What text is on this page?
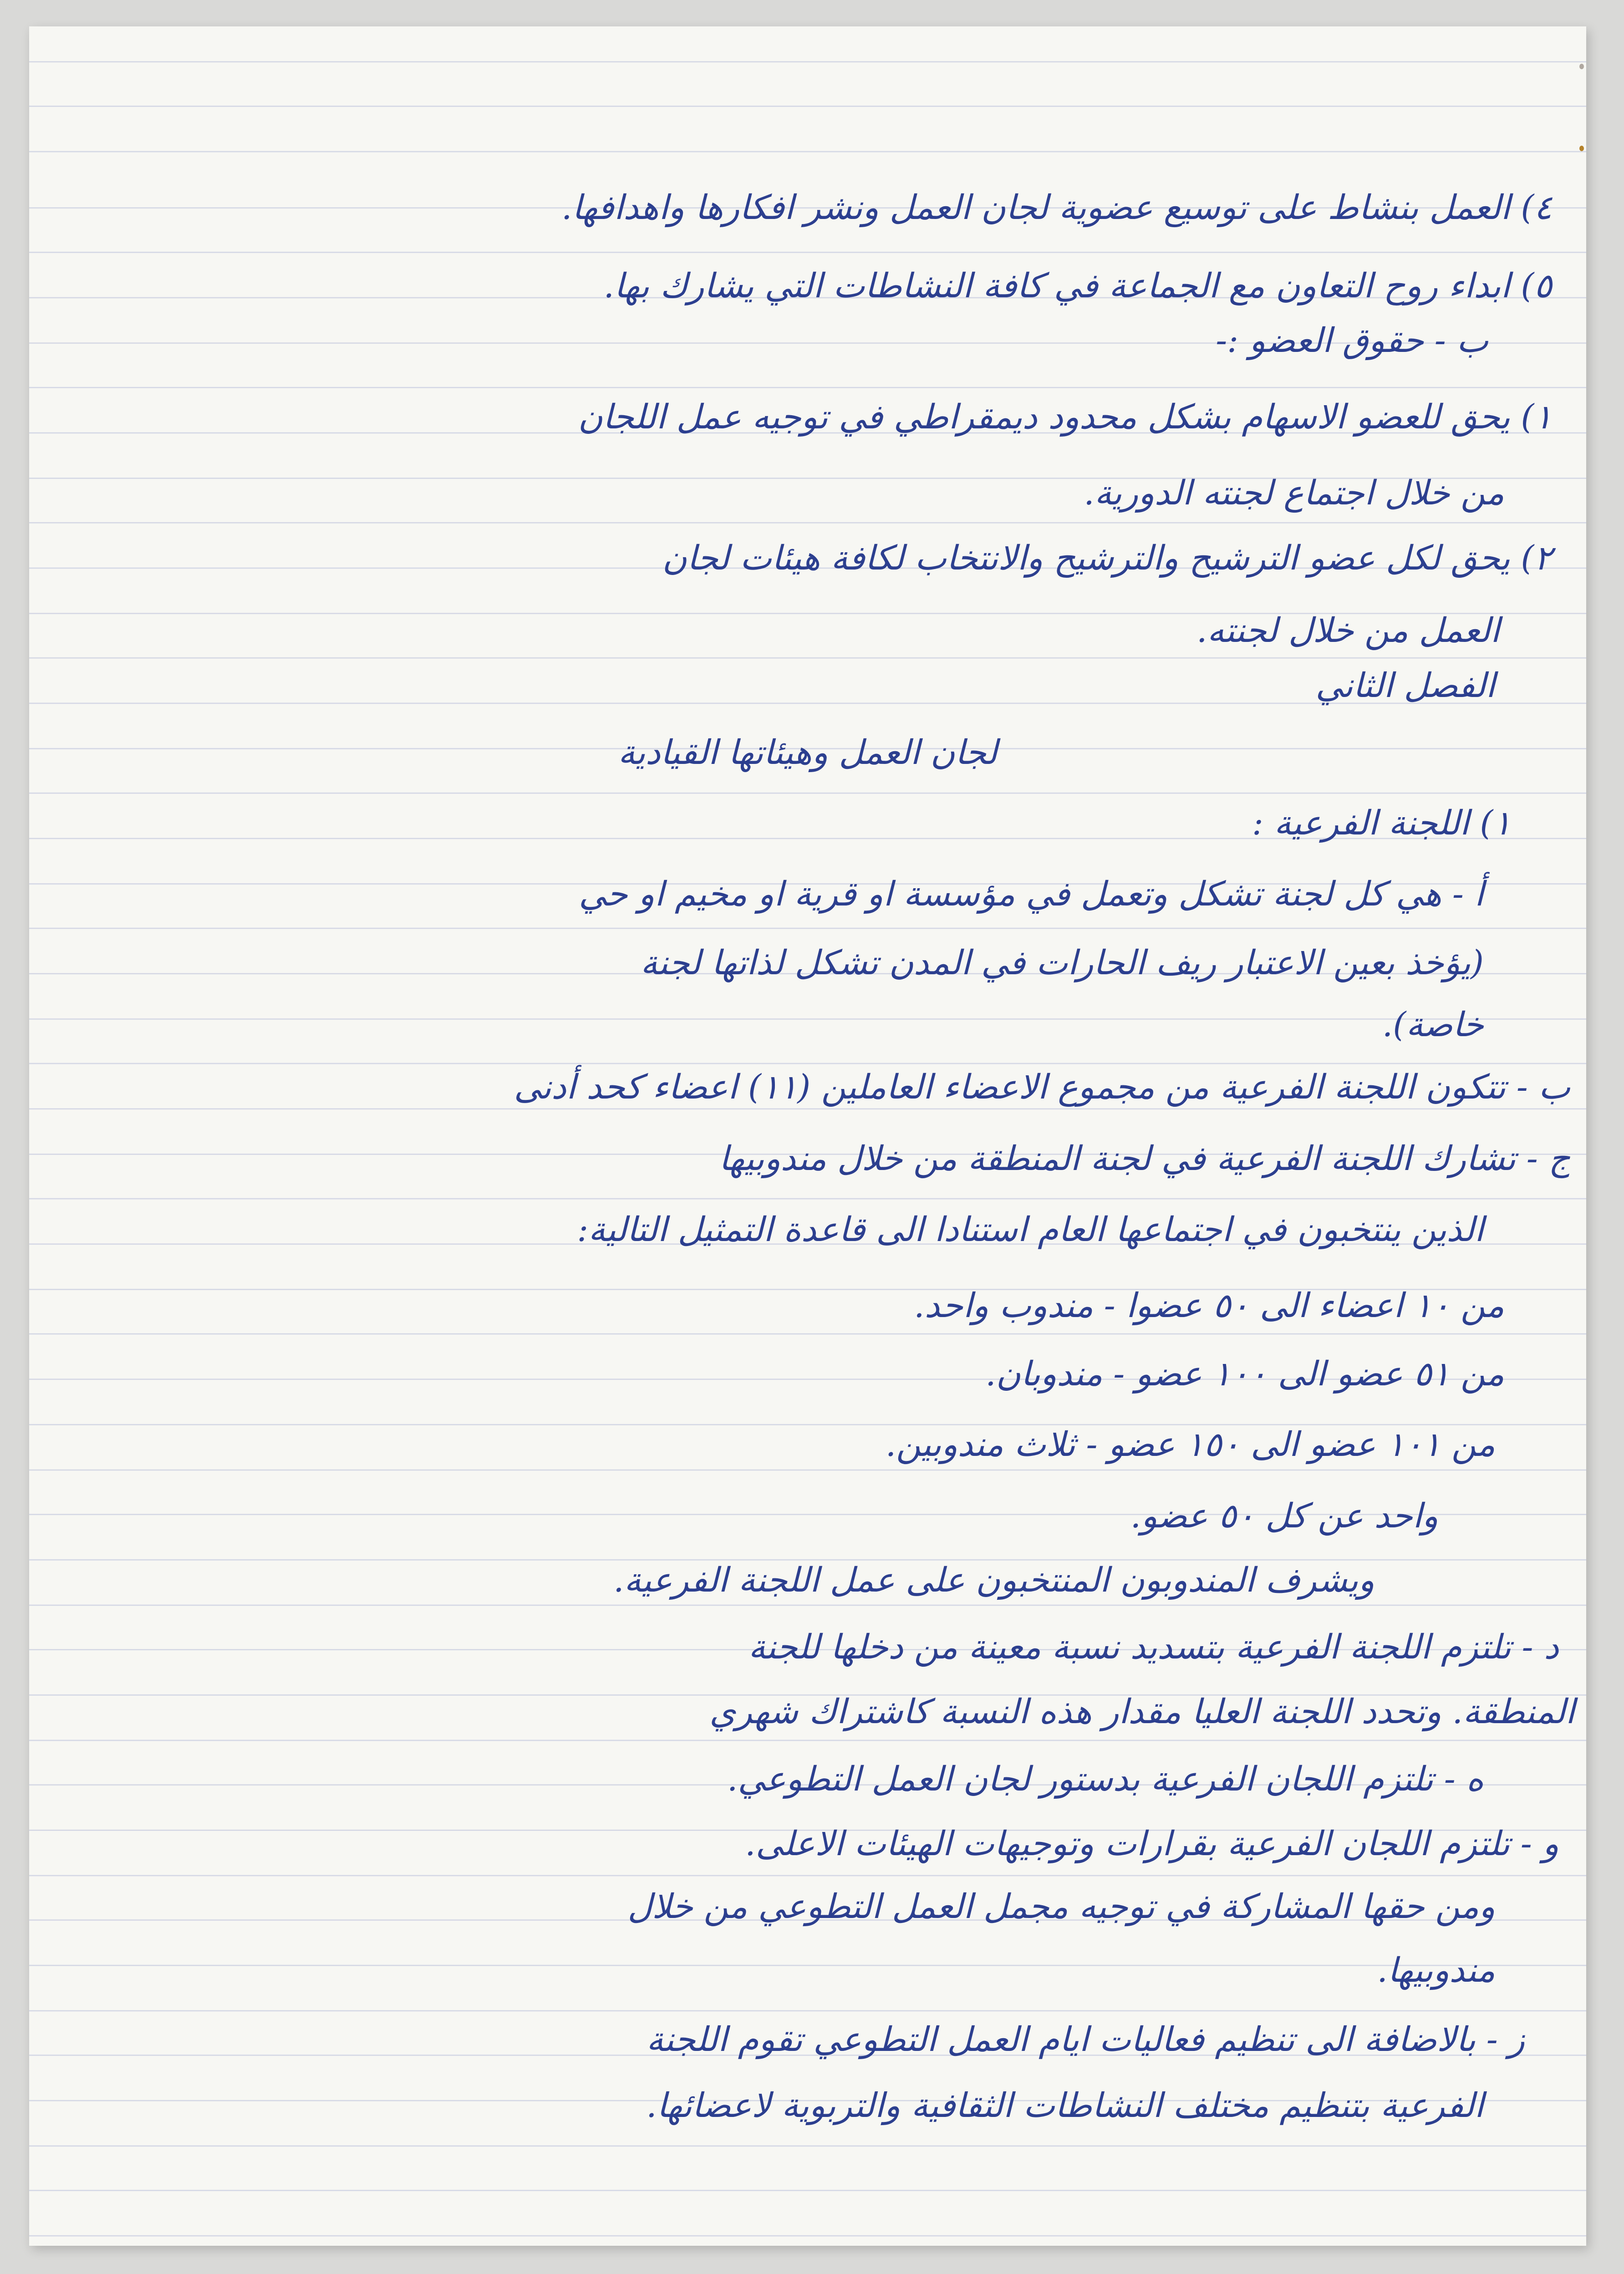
٤) العمل بنشاط على توسيع عضوية لجان العمل ونشر افكارها واهدافها.
٥) ابداء روح التعاون مع الجماعة في كافة النشاطات التي يشارك بها.
ب - حقوق العضو :-
١) يحق للعضو الاسهام بشكل محدود ديمقراطي في توجيه عمل اللجان
من خلال اجتماع لجنته الدورية.
٢) يحق لكل عضو الترشيح والترشيح والانتخاب لكافة هيئات لجان
العمل من خلال لجنته.
الفصل الثاني
لجان العمل وهيئاتها القيادية
١) اللجنة الفرعية :
أ - هي كل لجنة تشكل وتعمل في مؤسسة او قرية او مخيم او حي
(يؤخذ بعين الاعتبار ريف الحارات في المدن تشكل لذاتها لجنة
خاصة).
ب - تتكون اللجنة الفرعية من مجموع الاعضاء العاملين (١١) اعضاء كحد أدنى
ج - تشارك اللجنة الفرعية في لجنة المنطقة من خلال مندوبيها
الذين ينتخبون في اجتماعها العام استنادا الى قاعدة التمثيل التالية:
من ١٠ اعضاء الى ٥٠ عضوا - مندوب واحد.
من ٥١ عضو الى ١٠٠ عضو - مندوبان.
من ١٠١ عضو الى ١٥٠ عضو - ثلاث مندوبين.
واحد عن كل ٥٠ عضو.
ويشرف المندوبون المنتخبون على عمل اللجنة الفرعية.
د - تلتزم اللجنة الفرعية بتسديد نسبة معينة من دخلها للجنة
المنطقة. وتحدد اللجنة العليا مقدار هذه النسبة كاشتراك شهري
ه - تلتزم اللجان الفرعية بدستور لجان العمل التطوعي.
و - تلتزم اللجان الفرعية بقرارات وتوجيهات الهيئات الاعلى.
ومن حقها المشاركة في توجيه مجمل العمل التطوعي من خلال
مندوبيها.
ز - بالاضافة الى تنظيم فعاليات ايام العمل التطوعي تقوم اللجنة
الفرعية بتنظيم مختلف النشاطات الثقافية والتربوية لاعضائها.
